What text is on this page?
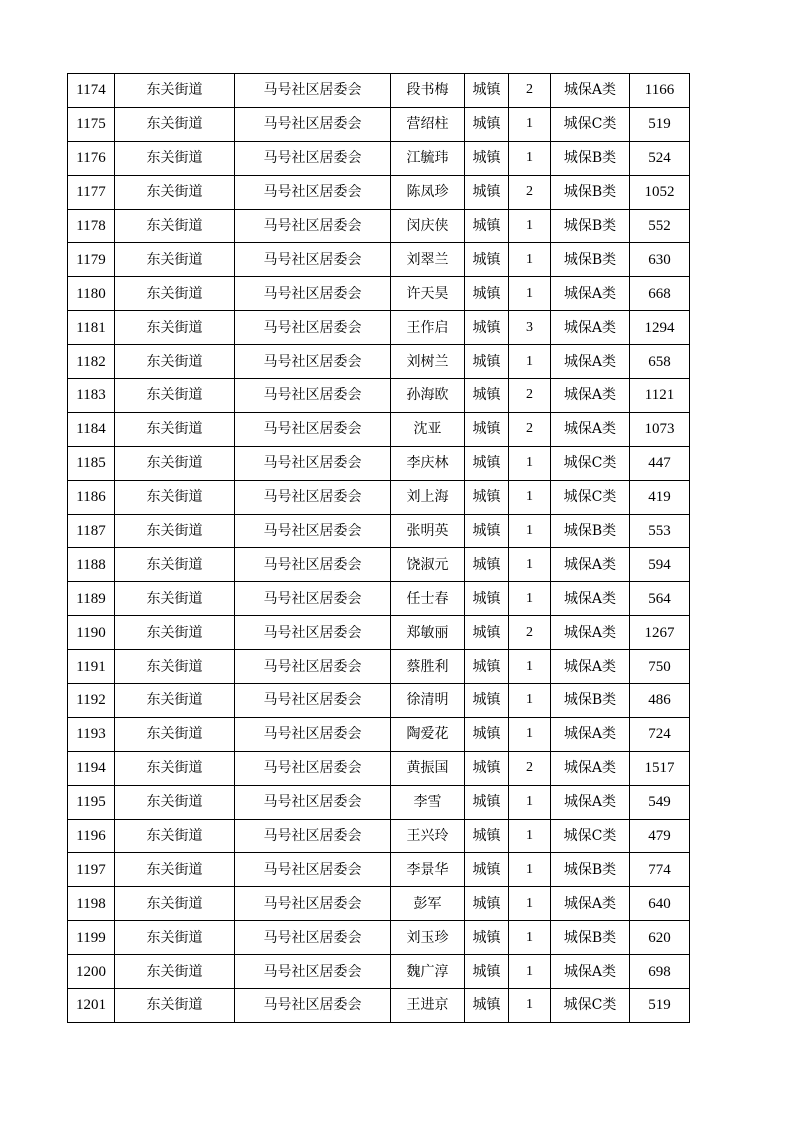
1174	东关街道	马号社区居委会	段书梅	城镇	2	城保A类	1166
1175	东关街道	马号社区居委会	营绍柱	城镇	1	城保C类	519
1176	东关街道	马号社区居委会	江毓玮	城镇	1	城保B类	524
1177	东关街道	马号社区居委会	陈凤珍	城镇	2	城保B类	1052
1178	东关街道	马号社区居委会	闵庆侠	城镇	1	城保B类	552
1179	东关街道	马号社区居委会	刘翠兰	城镇	1	城保B类	630
1180	东关街道	马号社区居委会	许天昊	城镇	1	城保A类	668
1181	东关街道	马号社区居委会	王作启	城镇	3	城保A类	1294
1182	东关街道	马号社区居委会	刘树兰	城镇	1	城保A类	658
1183	东关街道	马号社区居委会	孙海欧	城镇	2	城保A类	1121
1184	东关街道	马号社区居委会	沈亚	城镇	2	城保A类	1073
1185	东关街道	马号社区居委会	李庆林	城镇	1	城保C类	447
1186	东关街道	马号社区居委会	刘上海	城镇	1	城保C类	419
1187	东关街道	马号社区居委会	张明英	城镇	1	城保B类	553
1188	东关街道	马号社区居委会	饶淑元	城镇	1	城保A类	594
1189	东关街道	马号社区居委会	任士春	城镇	1	城保A类	564
1190	东关街道	马号社区居委会	郑敏丽	城镇	2	城保A类	1267
1191	东关街道	马号社区居委会	蔡胜利	城镇	1	城保A类	750
1192	东关街道	马号社区居委会	徐清明	城镇	1	城保B类	486
1193	东关街道	马号社区居委会	陶爱花	城镇	1	城保A类	724
1194	东关街道	马号社区居委会	黄振国	城镇	2	城保A类	1517
1195	东关街道	马号社区居委会	李雪	城镇	1	城保A类	549
1196	东关街道	马号社区居委会	王兴玲	城镇	1	城保C类	479
1197	东关街道	马号社区居委会	李景华	城镇	1	城保B类	774
1198	东关街道	马号社区居委会	彭军	城镇	1	城保A类	640
1199	东关街道	马号社区居委会	刘玉珍	城镇	1	城保B类	620
1200	东关街道	马号社区居委会	魏广淳	城镇	1	城保A类	698
1201	东关街道	马号社区居委会	王进京	城镇	1	城保C类	519
